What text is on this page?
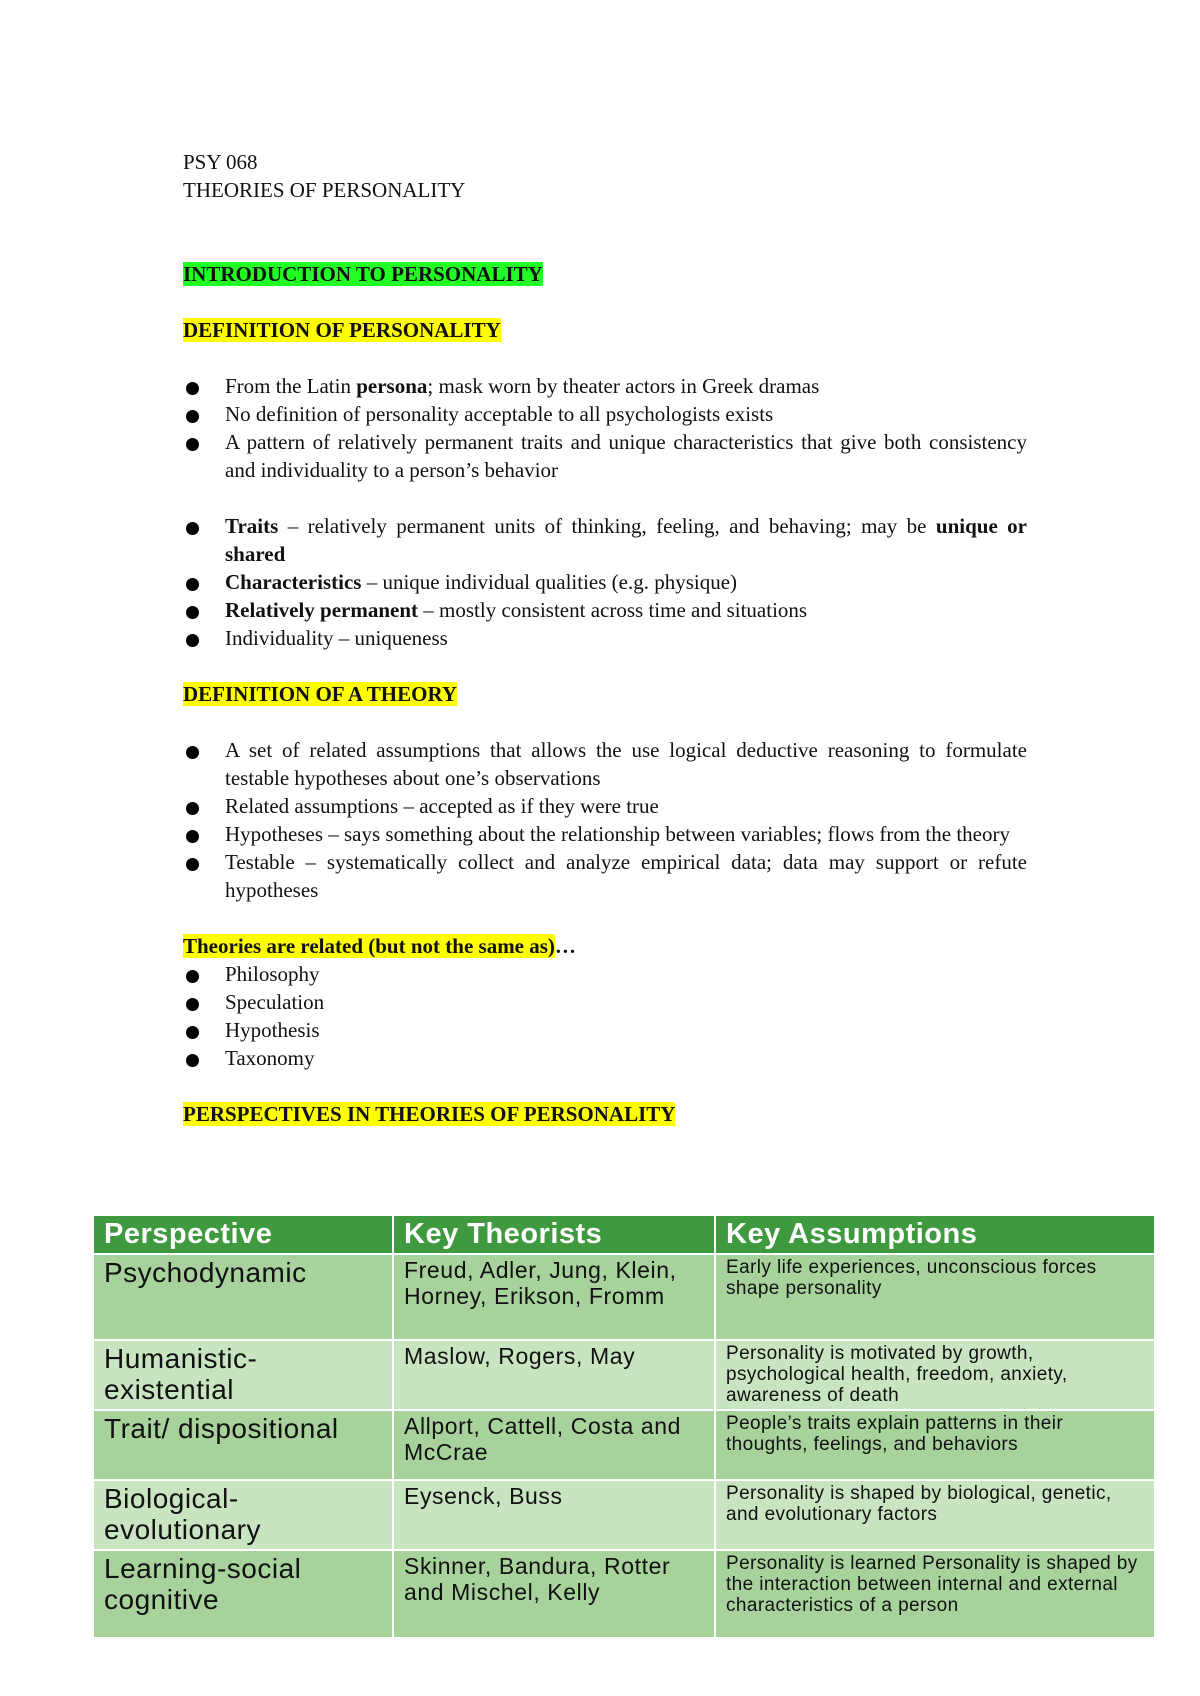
PSY 068

THEORIES OF PERSONALITY

INTRODUCTION TO PERSONALITY

DEFINITION OF PERSONALITY

From the Latin persona; mask worn by theater actors in Greek dramas
No definition of personality acceptable to all psychologists exists
A pattern of relatively permanent traits and unique characteristics that give both consistency and individuality to a person’s behavior
Traits – relatively permanent units of thinking, feeling, and behaving; may be unique or shared
Characteristics – unique individual qualities (e.g. physique)
Relatively permanent – mostly consistent across time and situations
Individuality – uniqueness

DEFINITION OF A THEORY

A set of related assumptions that allows the use logical deductive reasoning to formulate testable hypotheses about one’s observations
Related assumptions – accepted as if they were true
Hypotheses – says something about the relationship between variables; flows from the theory
Testable – systematically collect and analyze empirical data; data may support or refute hypotheses

Theories are related (but not the same as)…

Philosophy
Speculation
Hypothesis
Taxonomy

PERSPECTIVES IN THEORIES OF PERSONALITY

Perspective	Key Theorists	Key Assumptions
Psychodynamic	Freud, Adler, Jung, Klein, Horney, Erikson, Fromm	Early life experiences, unconscious forces shape personality
Humanistic-existential	Maslow, Rogers, May	Personality is motivated by growth, psychological health, freedom, anxiety, awareness of death
Trait/ dispositional	Allport, Cattell, Costa and McCrae	People’s traits explain patterns in their thoughts, feelings, and behaviors
Biological-evolutionary	Eysenck, Buss	Personality is shaped by biological, genetic, and evolutionary factors
Learning-social cognitive	Skinner, Bandura, Rotter and Mischel, Kelly	Personality is learned Personality is shaped by the interaction between internal and external characteristics of a person
